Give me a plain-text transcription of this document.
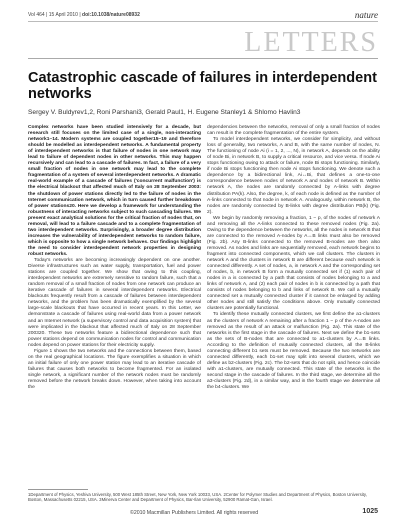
Vol 464 | 15 April 2010 | doi:10.1038/nature08932	nature
LETTERS
Catastrophic cascade of failures in interdependent networks
Sergey V. Buldyrev1,2, Roni Parshani3, Gerald Paul1, H. Eugene Stanley1 & Shlomo Havlin3

Complex networks have been studied intensively for a decade, but research still focuses on the limited case of a single, non-interacting network1–14. Modern systems are coupled together15–19 and therefore should be modelled as interdependent networks. A fundamental property of interdependent networks is that failure of nodes in one network may lead to failure of dependent nodes in other networks. This may happen recursively and can lead to a cascade of failures. In fact, a failure of a very small fraction of nodes in one network may lead to the complete fragmentation of a system of several interdependent networks. A dramatic real-world example of a cascade of failures ('concurrent malfunction') is the electrical blackout that affected much of Italy on 28 September 2003: the shutdown of power stations directly led to the failure of nodes in the Internet communication network, which in turn caused further breakdown of power stations20. Here we develop a framework for understanding the robustness of interacting networks subject to such cascading failures. We present exact analytical solutions for the critical fraction of nodes that, on removal, will lead to a failure cascade and to a complete fragmentation of two interdependent networks. Surprisingly, a broader degree distribution increases the vulnerability of interdependent networks to random failure, which is opposite to how a single network behaves. Our findings highlight the need to consider interdependent network properties in designing robust networks.

Today's networks are becoming increasingly dependent on one another. Diverse infrastructures such as water supply, transportation, fuel and power stations are coupled together. We show that owing to this coupling, interdependent networks are extremely sensitive to random failure, such that a random removal of a small fraction of nodes from one network can produce an iterative cascade of failures in several interdependent networks. Electrical blackouts frequently result from a cascade of failures between interdependent networks, and the problem has been dramatically exemplified by the several large-scale blackouts that have occurred in recent years. In this Letter, we demonstrate a cascade of failures using real-world data from a power network and an Internet network (a supervisory control and data acquisition system) that were implicated in the blackout that affected much of Italy on 28 September 200320. These two networks feature a bidirectional dependence such that power stations depend on communication nodes for control and communication nodes depend on power stations for their electricity supply.

Figure 1 shows the two networks and the connections between them, based on the real geographical locations. The figure exemplifies a situation in which an initial failure of only one power station may lead to an iterative cascade of failures that causes both networks to become fragmented. For an isolated single network, a significant number of the network nodes must be randomly removed before the network breaks down. However, when taking into account the

dependencies between the networks, removal of only a small fraction of nodes can result in the complete fragmentation of the entire system.

To model interdependent networks, we consider for simplicity, and without loss of generality, two networks, A and B, with the same number of nodes, N. The functioning of node Ai (i = 1, 2, ..., N), in network A, depends on the ability of node Bi, in network B, to supply a critical resource, and vice versa. If node Ai stops functioning owing to attack or failure, node Bi stops functioning. Similarly, if node Bi stops functioning then node Ai stops functioning. We denote such a dependence by a bidirectional link, Ai↔Bi, that defines a one-to-one correspondence between nodes of network A and nodes of network B. Within network A, the nodes are randomly connected by A-links with degree distribution PA(k). Also, the degree, k, of each node is defined as the number of A-links connected to that node in network A. Analogously, within network B, the nodes are randomly connected by B-links with degree distribution PB(k) (Fig. 2).

We begin by randomly removing a fraction, 1 − p, of the nodes of network A and removing all the A-links connected to these removed nodes (Fig. 2a). Owing to the dependence between the networks, all the nodes in network B that are connected to the removed A-nodes by A↔B links must also be removed (Fig. 2b). Any B-links connected to the removed B-nodes are then also removed. As nodes and links are sequentially removed, each network begins to fragment into connected components, which we call clusters. The clusters in network A and the clusters in network B are different because each network is connected differently. A set of nodes, a, in network A and the corresponding set of nodes, b, in network B form a mutually connected set if (1) each pair of nodes in a is connected by a path that consists of nodes belonging to a and links of network A, and (2) each pair of nodes in b is connected by a path that consists of nodes belonging to b and links of network B. We call a mutually connected set a mutually connected cluster if it cannot be enlarged by adding other nodes and still satisfy the conditions above. Only mutually connected clusters are potentially functional.

To identify these mutually connected clusters, we first define the a1-clusters as the clusters of network A remaining after a fraction 1 − p of the A-nodes are removed as the result of an attack or malfunction (Fig. 2a). This state of the networks is the first stage in the cascade of failures. Next we define the b1-sets as the sets of B-nodes that are connected to a1-clusters by A↔B links. According to the definition of mutually connected clusters, all the B-links connecting different b1 sets must be removed. Because the two networks are connected differently, each b1-set may split into several clusters, which we define as b2-clusters (Fig. 2c). The b2-sets that do not split, and hence coincide with a1-clusters, are mutually connected. This state of the networks is the second stage in the cascade of failures. In the third stage, we determine all the a3-clusters (Fig. 2d), in a similar way, and in the fourth stage we determine all the b4-clusters. We

1Department of Physics, Yeshiva University, 500 West 185th Street, New York, New York 10033, USA. 2Center for Polymer Studies and Department of Physics, Boston University, Boston, Massachusetts 02215, USA. 3Minerva Center and Department of Physics, Bar-Ilan University, 52900 Ramat-Gan, Israel.
©2010 Macmillan Publishers Limited. All rights reserved	1025
